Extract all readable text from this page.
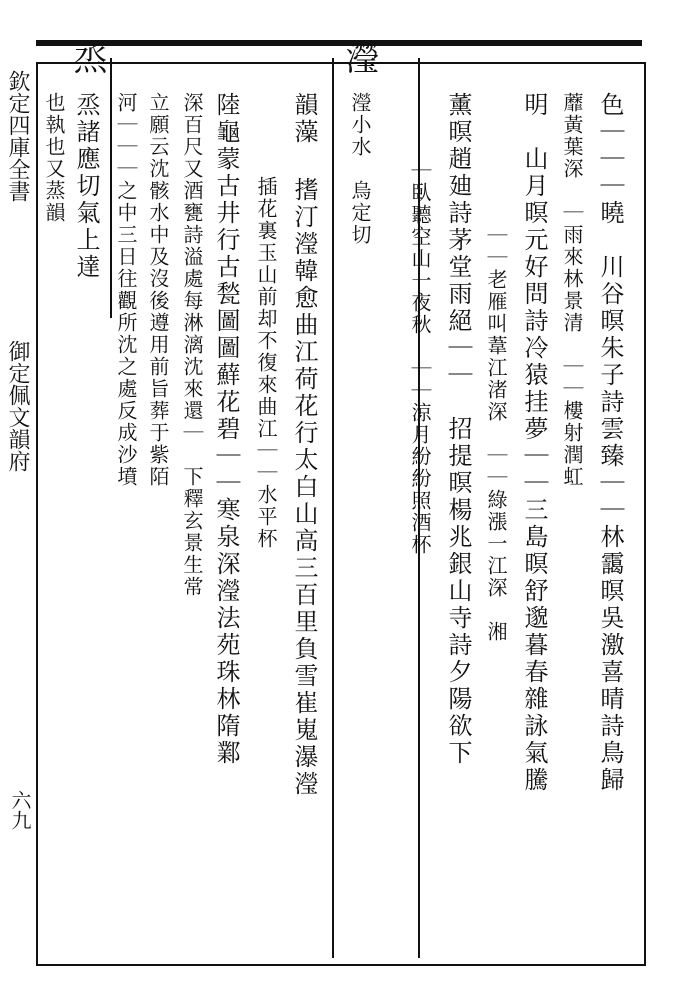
欽定四庫全書
御定佩文韻府
六九
烝	瀅
色｜｜｜曉　川谷暝朱子詩雲臻｜｜林靄暝吳激喜晴詩鳥歸
蘼黃葉深　｜雨來林景清　｜｜樓射潤虹
明　山月暝元好問詩冷猿挂夢｜｜三島暝舒邈暮春雜詠氣騰
｜｜老雁叫葦江渚深　｜｜綠漲一江深　湘
薰暝趙廸詩茅堂雨絕｜｜　招提暝楊兆銀山寺詩夕陽欲下
｜臥聽空山一夜秋　｜｜涼月紛紛照酒杯
瀅小水　烏定切
韻藻 搘汀瀅韓愈曲江荷花行太白山高三百里負雪崔嵬瀑瀅
插花裏玉山前却不復來曲江｜｜水平杯
陸龜蒙古井行古甃圖圖蘚花碧｜｜寒泉深瀅法苑珠林隋鄴
深百尺又酒甕詩溢處每淋漓沈來還｜　下釋玄景生常
立願云沈骸水中及沒後遵用前旨葬于紫陌
河｜｜｜之中三日往觀所沈之處反成沙墳
烝諸應切氣上達
也執也又蒸韻
